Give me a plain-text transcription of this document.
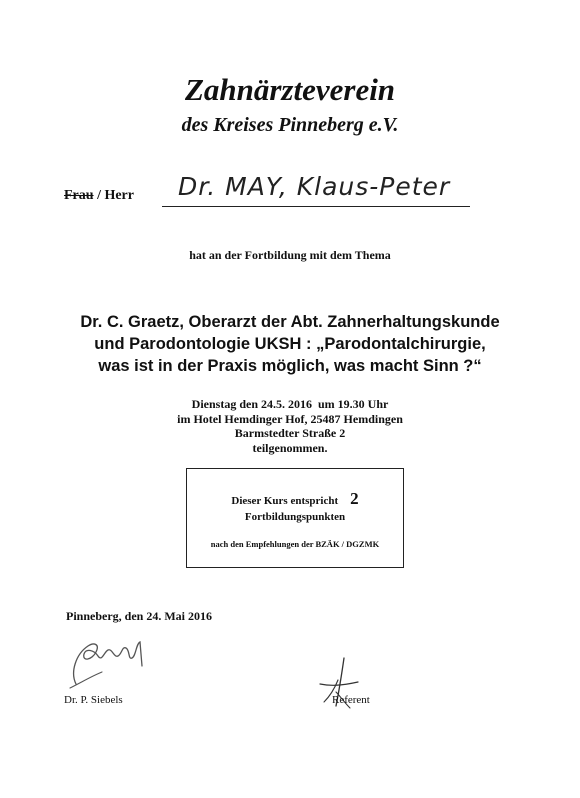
Zahnärzteverein
des Kreises Pinneberg e.V.
Frau / Herr Dr. MAY, Klaus-Peter
hat an der Fortbildung mit dem Thema
Dr. C. Graetz, Oberarzt der Abt. Zahnerhaltungskunde
und Parodontologie UKSH : „Parodontalchirurgie,
was ist in der Praxis möglich, was macht Sinn ?“
Dienstag den 24.5. 2016  um 19.30 Uhr
im Hotel Hemdinger Hof, 25487 Hemdingen
Barmstedter Straße 2
teilgenommen.
Dieser Kurs entspricht 2
Fortbildungspunkten
nach den Empfehlungen der BZÄK / DGZMK
Pinneberg, den 24. Mai 2016
Dr. P. Siebels	Referent
